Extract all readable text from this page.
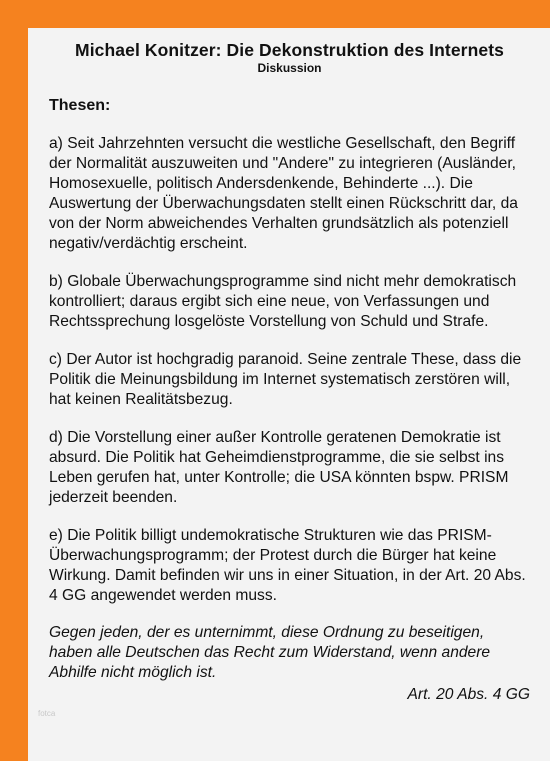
Michael Konitzer: Die Dekonstruktion des Internets

Diskussion

Thesen:

a) Seit Jahrzehnten versucht die westliche Gesellschaft, den Begriff der Normalität auszuweiten und "Andere" zu integrieren (Ausländer, Homosexuelle, politisch Andersdenkende, Behinderte ...). Die Auswertung der Überwachungsdaten stellt einen Rückschritt dar, da von der Norm abweichendes Verhalten grundsätzlich als potenziell negativ/verdächtig erscheint.

b) Globale Überwachungsprogramme sind nicht mehr demokratisch kontrolliert; daraus ergibt sich eine neue, von Verfassungen und Rechtssprechung losgelöste Vorstellung von Schuld und Strafe.

c) Der Autor ist hochgradig paranoid. Seine zentrale These, dass die Politik die Meinungsbildung im Internet systematisch zerstören will, hat keinen Realitätsbezug.

d) Die Vorstellung einer außer Kontrolle geratenen Demokratie ist absurd. Die Politik hat Geheimdienstprogramme, die sie selbst ins Leben gerufen hat, unter Kontrolle; die USA könnten bspw. PRISM jederzeit beenden.

e) Die Politik billigt undemokratische Strukturen wie das PRISM-Überwachungsprogramm; der Protest durch die Bürger hat keine Wirkung. Damit befinden wir uns in einer Situation, in der Art. 20 Abs. 4 GG angewendet werden muss.

Gegen jeden, der es unternimmt, diese Ordnung zu beseitigen, haben alle Deutschen das Recht zum Widerstand, wenn andere Abhilfe nicht möglich ist.

Art. 20 Abs. 4 GG

fotca
